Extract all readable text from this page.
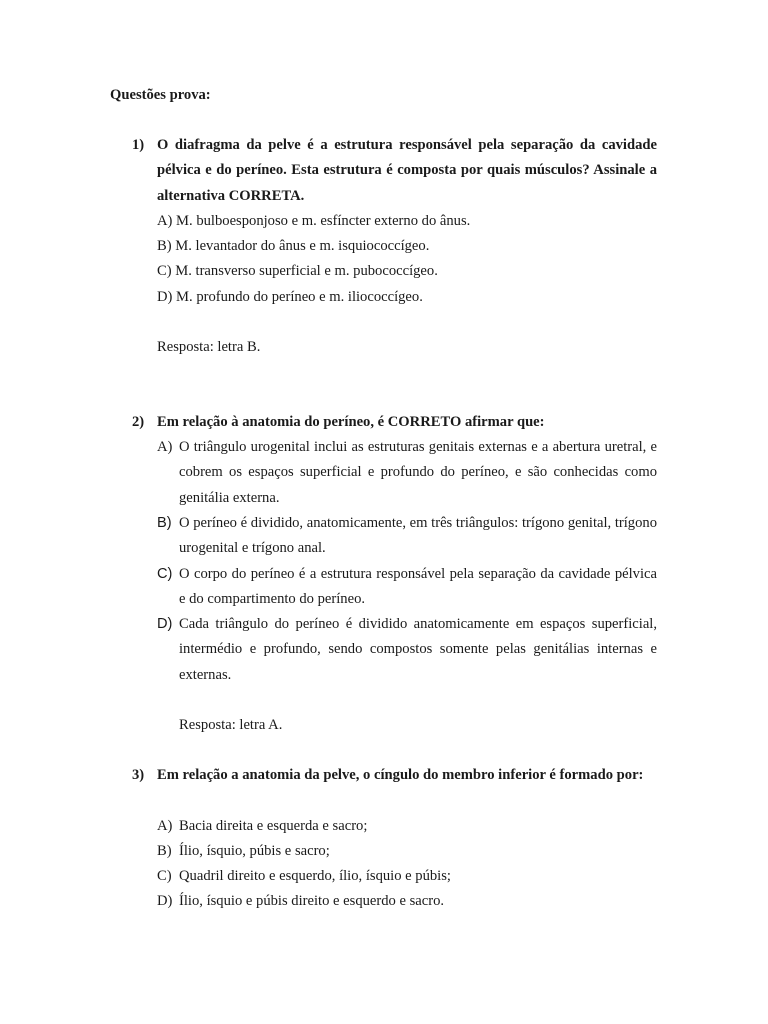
Questões prova:
1) O diafragma da pelve é a estrutura responsável pela separação da cavidade pélvica e do períneo. Esta estrutura é composta por quais músculos? Assinale a alternativa CORRETA.
A) M. bulboesponjoso e m. esfíncter externo do ânus.
B) M. levantador do ânus e m. isquiococcígeo.
C) M. transverso superficial e m. pubococcígeo.
D) M. profundo do períneo e m. iliococcígeo.
Resposta: letra B.
2) Em relação à anatomia do períneo, é CORRETO afirmar que:
A) O triângulo urogenital inclui as estruturas genitais externas e a abertura uretral, e cobrem os espaços superficial e profundo do períneo, e são conhecidas como genitália externa.
B) O períneo é dividido, anatomicamente, em três triângulos: trígono genital, trígono urogenital e trígono anal.
C) O corpo do períneo é a estrutura responsável pela separação da cavidade pélvica e do compartimento do períneo.
D) Cada triângulo do períneo é dividido anatomicamente em espaços superficial, intermédio e profundo, sendo compostos somente pelas genitálias internas e externas.
Resposta: letra A.
3) Em relação a anatomia da pelve, o cíngulo do membro inferior é formado por:
A) Bacia direita e esquerda e sacro;
B) Ílio, ísquio, púbis e sacro;
C) Quadril direito e esquerdo, ílio, ísquio e púbis;
D) Ílio, ísquio e púbis direito e esquerdo e sacro.
